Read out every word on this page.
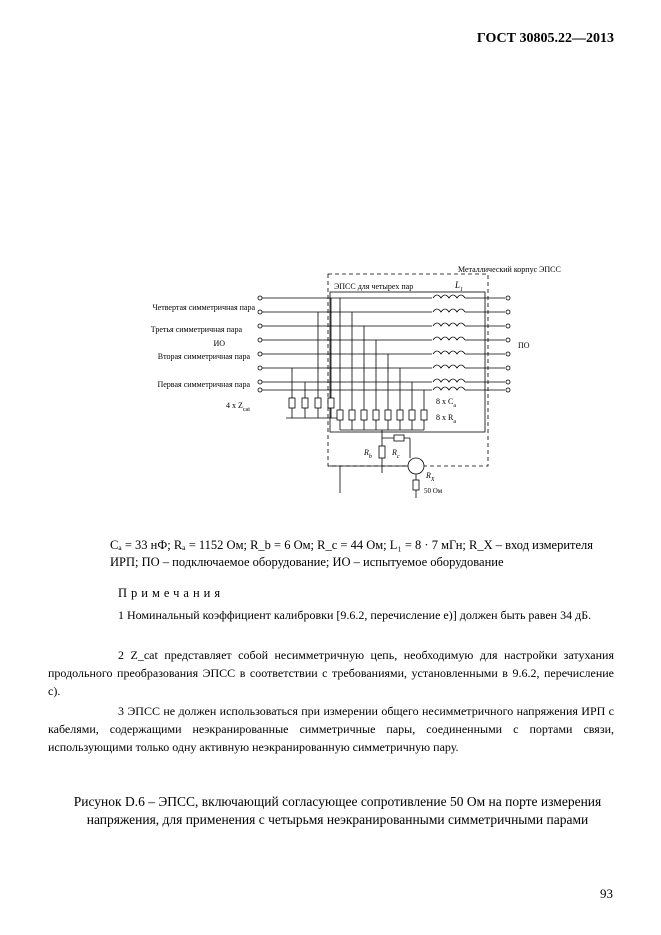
ГОСТ 30805.22—2013
Металлический корпус ЭПСС
ЭПСС для четырех пар	$L_1$
Четвертая симметричная пара
Третья симметричная пара
ИО
Вторая симметричная пара
Первая симметричная пара
ПО
4 x $Z_{cat}$
8 x $C_a$
8 x $R_a$
$R_b$	$R_c$
$R_X$
50 Ом
Cₐ = 33 нФ; Rₐ = 1152 Ом; R_b = 6 Ом; R_c = 44 Ом; L₁ = 8 · 7 мГн; R_X – вход измерителя
ИРП; ПО – подключаемое оборудование; ИО – испытуемое оборудование
Примечания
1 Номинальный коэффициент калибровки [9.6.2, перечисление е)] должен быть равен 34 дБ.
2 Z_cat представляет собой несимметричную цепь, необходимую для настройки затухания продольного преобразования ЭПСС в соответствии с требованиями, установленными в 9.6.2, перечисление с).
3 ЭПСС не должен использоваться при измерении общего несимметричного напряжения ИРП с кабелями, содержащими неэкранированные симметричные пары, соединенными с портами связи, использующими только одну активную неэкранированную симметричную пару.
Рисунок D.6 – ЭПСС, включающий согласующее сопротивление 50 Ом на порте измерения напряжения, для применения с четырьмя неэкранированными симметричными парами
93
